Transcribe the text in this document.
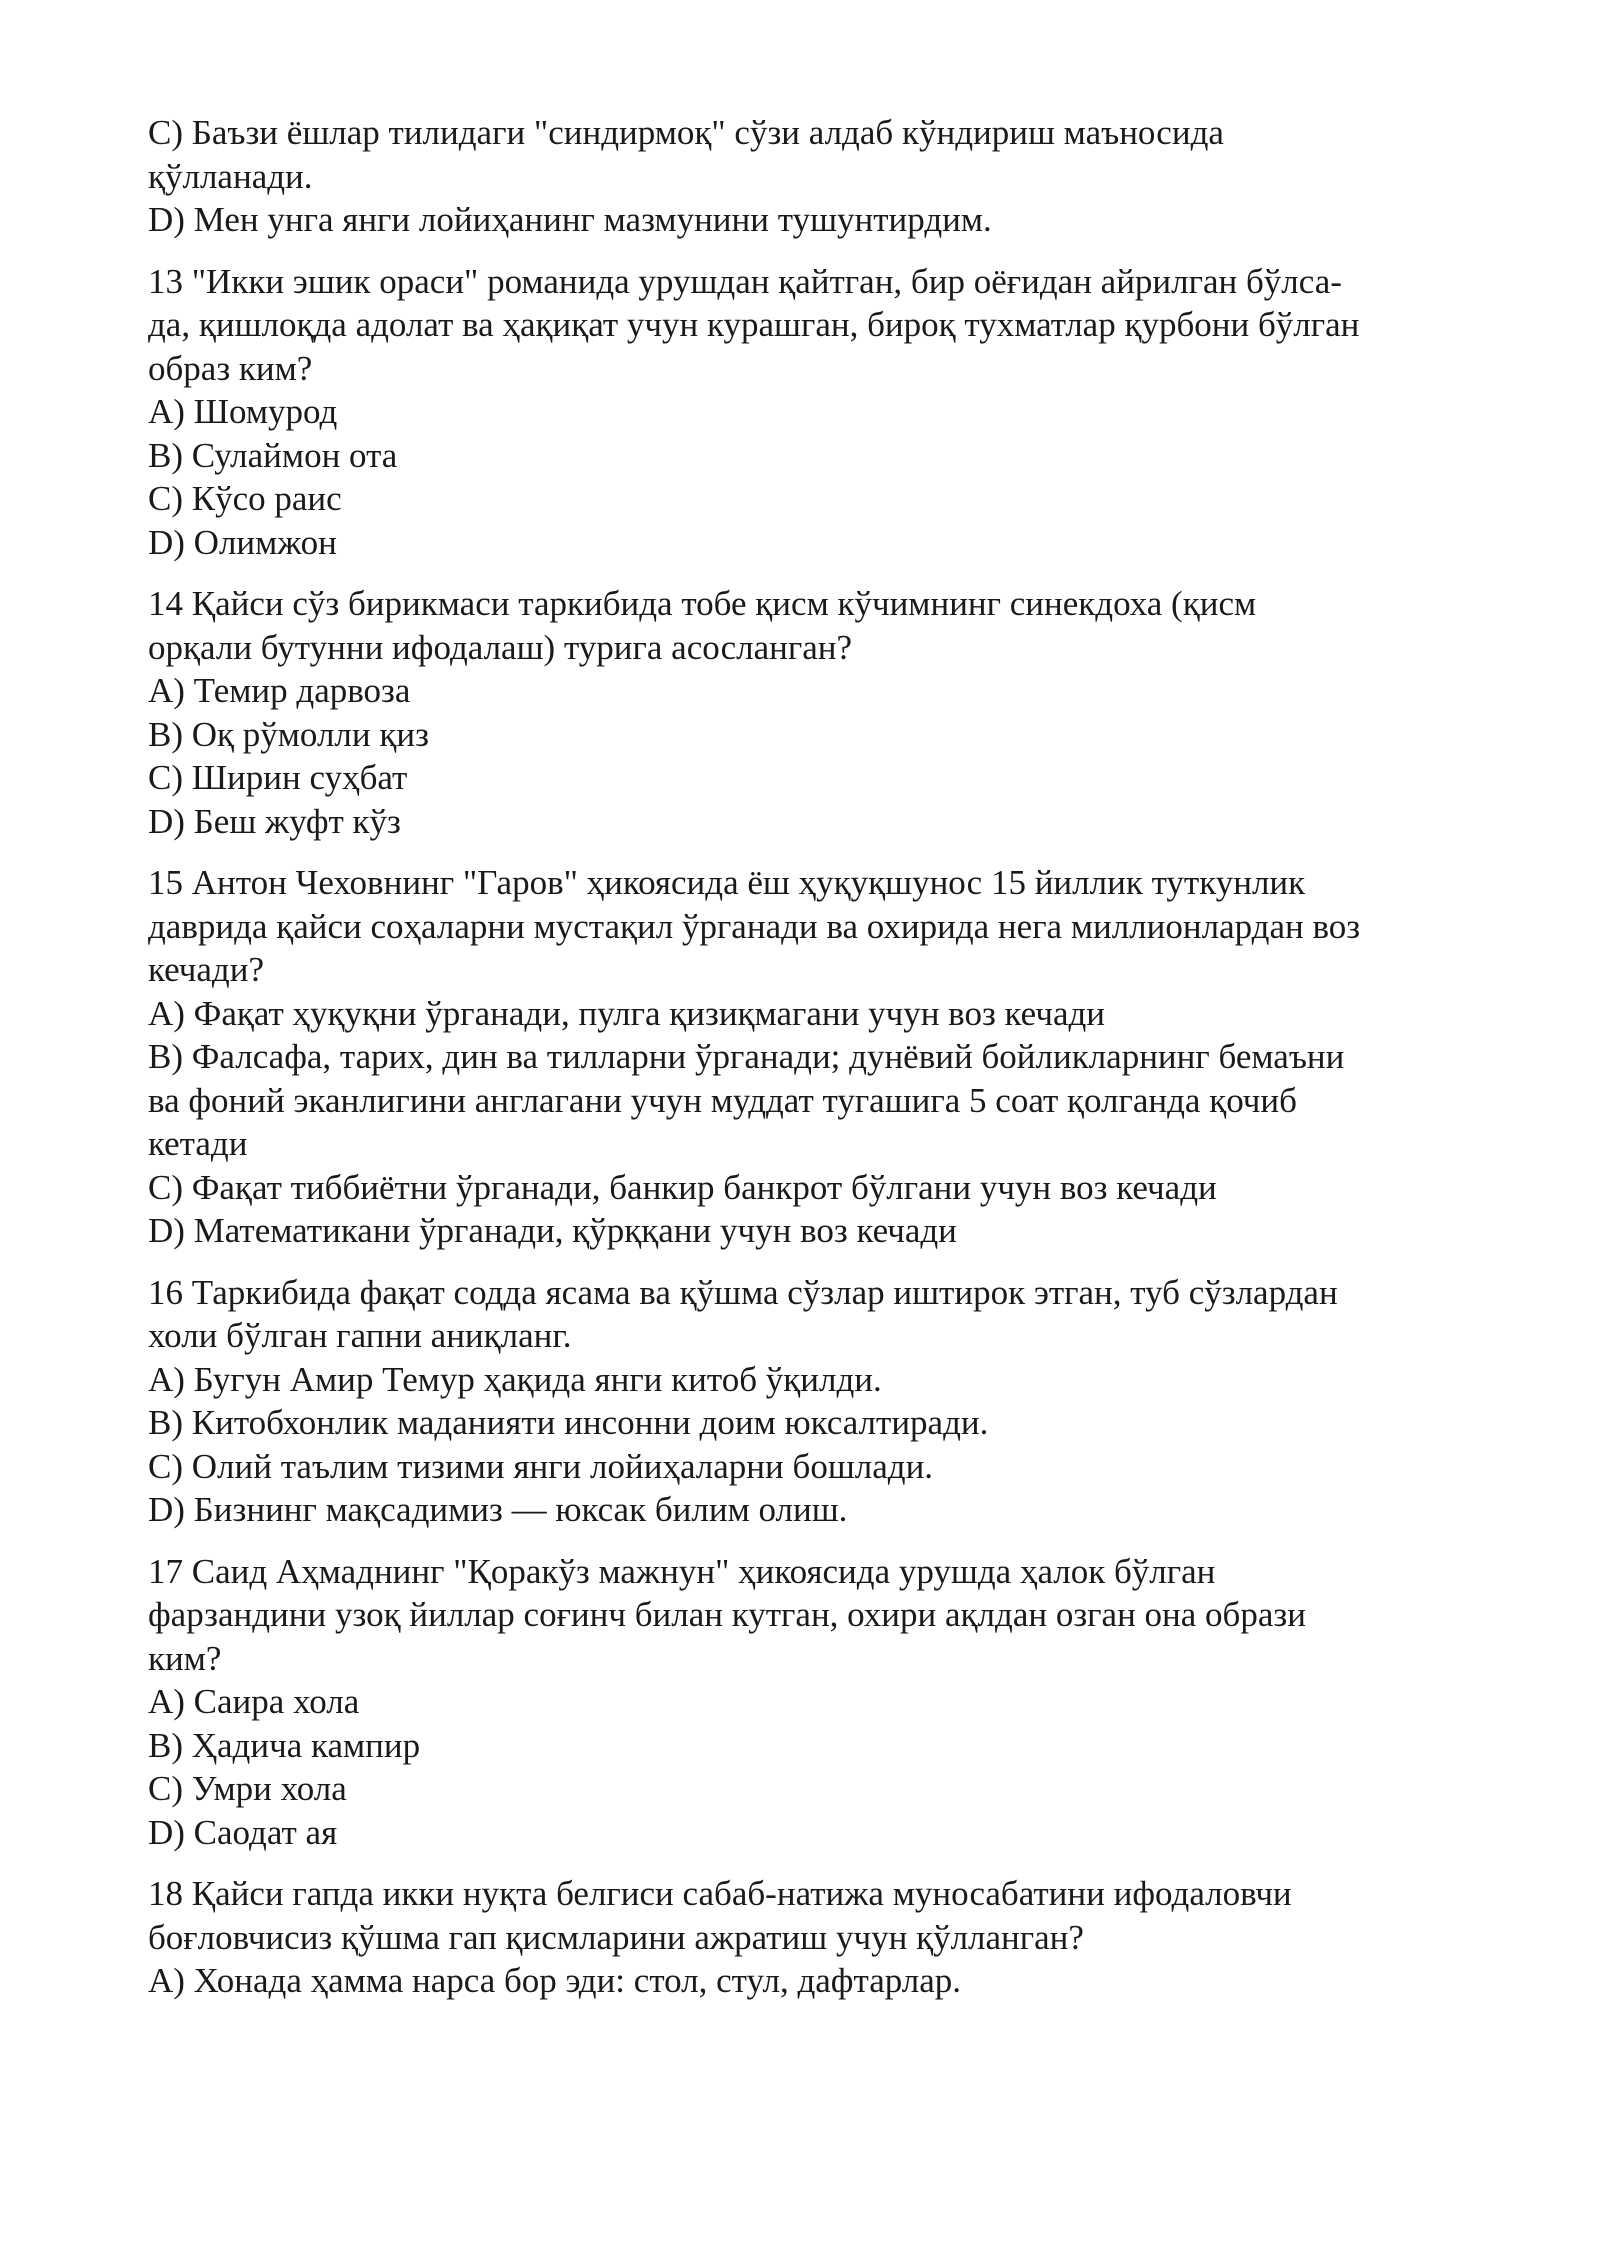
C) Баъзи ёшлар тилидаги "синдирмоқ" сўзи алдаб кўндириш маъносида
қўлланади.
D) Мен унга янги лойиҳанинг мазмунини тушунтирдим.
13 "Икки эшик ораси" романида урушдан қайтган, бир оёғидан айрилган бўлса-
да, қишлоқда адолат ва ҳақиқат учун курашган, бироқ тухматлар қурбони бўлган
образ ким?
A) Шомурод
B) Сулаймон ота
C) Кўсо раис
D) Олимжон
14 Қайси сўз бирикмаси таркибида тобе қисм кўчимнинг синекдоха (қисм
орқали бутунни ифодалаш) турига асосланган?
A) Темир дарвоза
B) Оқ рўмолли қиз
C) Ширин суҳбат
D) Беш жуфт кўз
15 Антон Чеховнинг "Гаров" ҳикоясида ёш ҳуқуқшунос 15 йиллик туткунлик
даврида қайси соҳаларни мустақил ўрганади ва охирида нега миллионлардан воз
кечади?
A) Фақат ҳуқуқни ўрганади, пулга қизиқмагани учун воз кечади
B) Фалсафа, тарих, дин ва тилларни ўрганади; дунёвий бойликларнинг бемаъни
ва фоний эканлигини англагани учун муддат тугашига 5 соат қолганда қочиб
кетади
C) Фақат тиббиётни ўрганади, банкир банкрот бўлгани учун воз кечади
D) Математикани ўрганади, қўрққани учун воз кечади
16 Таркибида фақат содда ясама ва қўшма сўзлар иштирок этган, туб сўзлардан
холи бўлган гапни аниқланг.
A) Бугун Амир Темур ҳақида янги китоб ўқилди.
B) Китобхонлик маданияти инсонни доим юксалтиради.
C) Олий таълим тизими янги лойиҳаларни бошлади.
D) Бизнинг мақсадимиз — юксак билим олиш.
17 Саид Аҳмаднинг "Қоракўз мажнун" ҳикоясида урушда ҳалок бўлган
фарзандини узоқ йиллар соғинч билан кутган, охири ақлдан озган она образи
ким?
A) Саира хола
B) Ҳадича кампир
C) Умри хола
D) Саодат ая
18 Қайси гапда икки нуқта белгиси сабаб-натижа муносабатини ифодаловчи
боғловчисиз қўшма гап қисмларини ажратиш учун қўлланган?
A) Хонада ҳамма нарса бор эди: стол, стул, дафтарлар.
